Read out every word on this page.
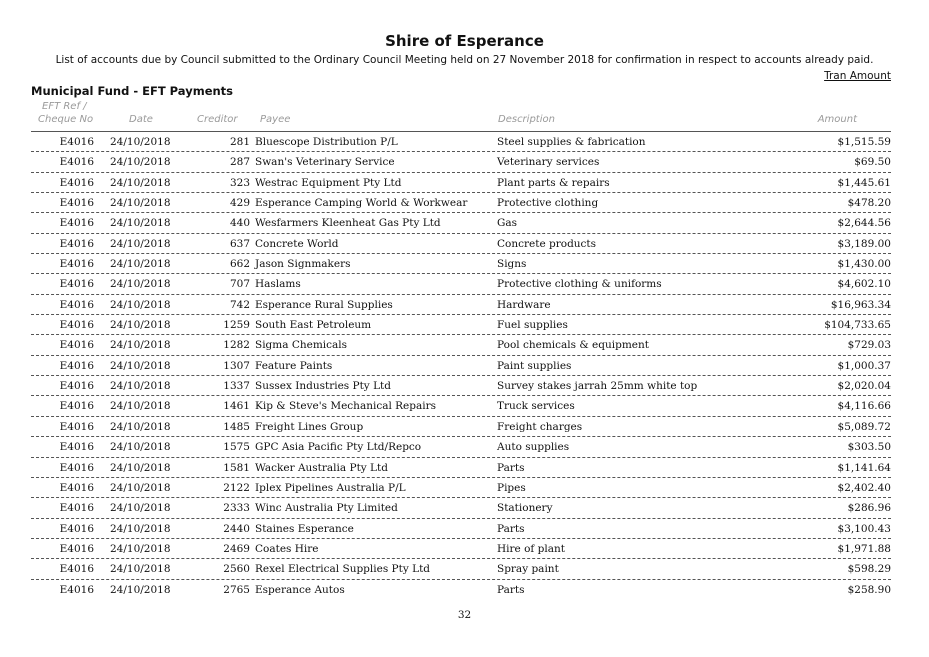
Shire of Esperance
List of accounts due by Council submitted to the Ordinary Council Meeting held on 27 November 2018 for confirmation in respect to accounts already paid.
Tran Amount
Municipal Fund - EFT Payments
EFT Ref /
Cheque No	Date	Creditor Payee	Description	Amount
E4016 24/10/2018	281 Bluescope Distribution P/L	Steel supplies & fabrication	$1,515.59
E4016 24/10/2018	287 Swan's Veterinary Service	Veterinary services	$69.50
E4016 24/10/2018	323 Westrac Equipment Pty Ltd	Plant parts & repairs	$1,445.61
E4016 24/10/2018	429 Esperance Camping World & Workwear	Protective clothing	$478.20
E4016 24/10/2018	440 Wesfarmers Kleenheat Gas Pty Ltd	Gas	$2,644.56
E4016 24/10/2018	637 Concrete World	Concrete products	$3,189.00
E4016 24/10/2018	662 Jason Signmakers	Signs	$1,430.00
E4016 24/10/2018	707 Haslams	Protective clothing & uniforms	$4,602.10
E4016 24/10/2018	742 Esperance Rural Supplies	Hardware	$16,963.34
E4016 24/10/2018	1259 South East Petroleum	Fuel supplies	$104,733.65
E4016 24/10/2018	1282 Sigma Chemicals	Pool chemicals & equipment	$729.03
E4016 24/10/2018	1307 Feature Paints	Paint supplies	$1,000.37
E4016 24/10/2018	1337 Sussex Industries Pty Ltd	Survey stakes jarrah 25mm white top	$2,020.04
E4016 24/10/2018	1461 Kip & Steve's Mechanical Repairs	Truck services	$4,116.66
E4016 24/10/2018	1485 Freight Lines Group	Freight charges	$5,089.72
E4016 24/10/2018	1575 GPC Asia Pacific Pty Ltd/Repco	Auto supplies	$303.50
E4016 24/10/2018	1581 Wacker Australia Pty Ltd	Parts	$1,141.64
E4016 24/10/2018	2122 Iplex Pipelines Australia P/L	Pipes	$2,402.40
E4016 24/10/2018	2333 Winc Australia Pty Limited	Stationery	$286.96
E4016 24/10/2018	2440 Staines Esperance	Parts	$3,100.43
E4016 24/10/2018	2469 Coates Hire	Hire of plant	$1,971.88
E4016 24/10/2018	2560 Rexel Electrical Supplies Pty Ltd	Spray paint	$598.29
E4016 24/10/2018	2765 Esperance Autos	Parts	$258.90
32
